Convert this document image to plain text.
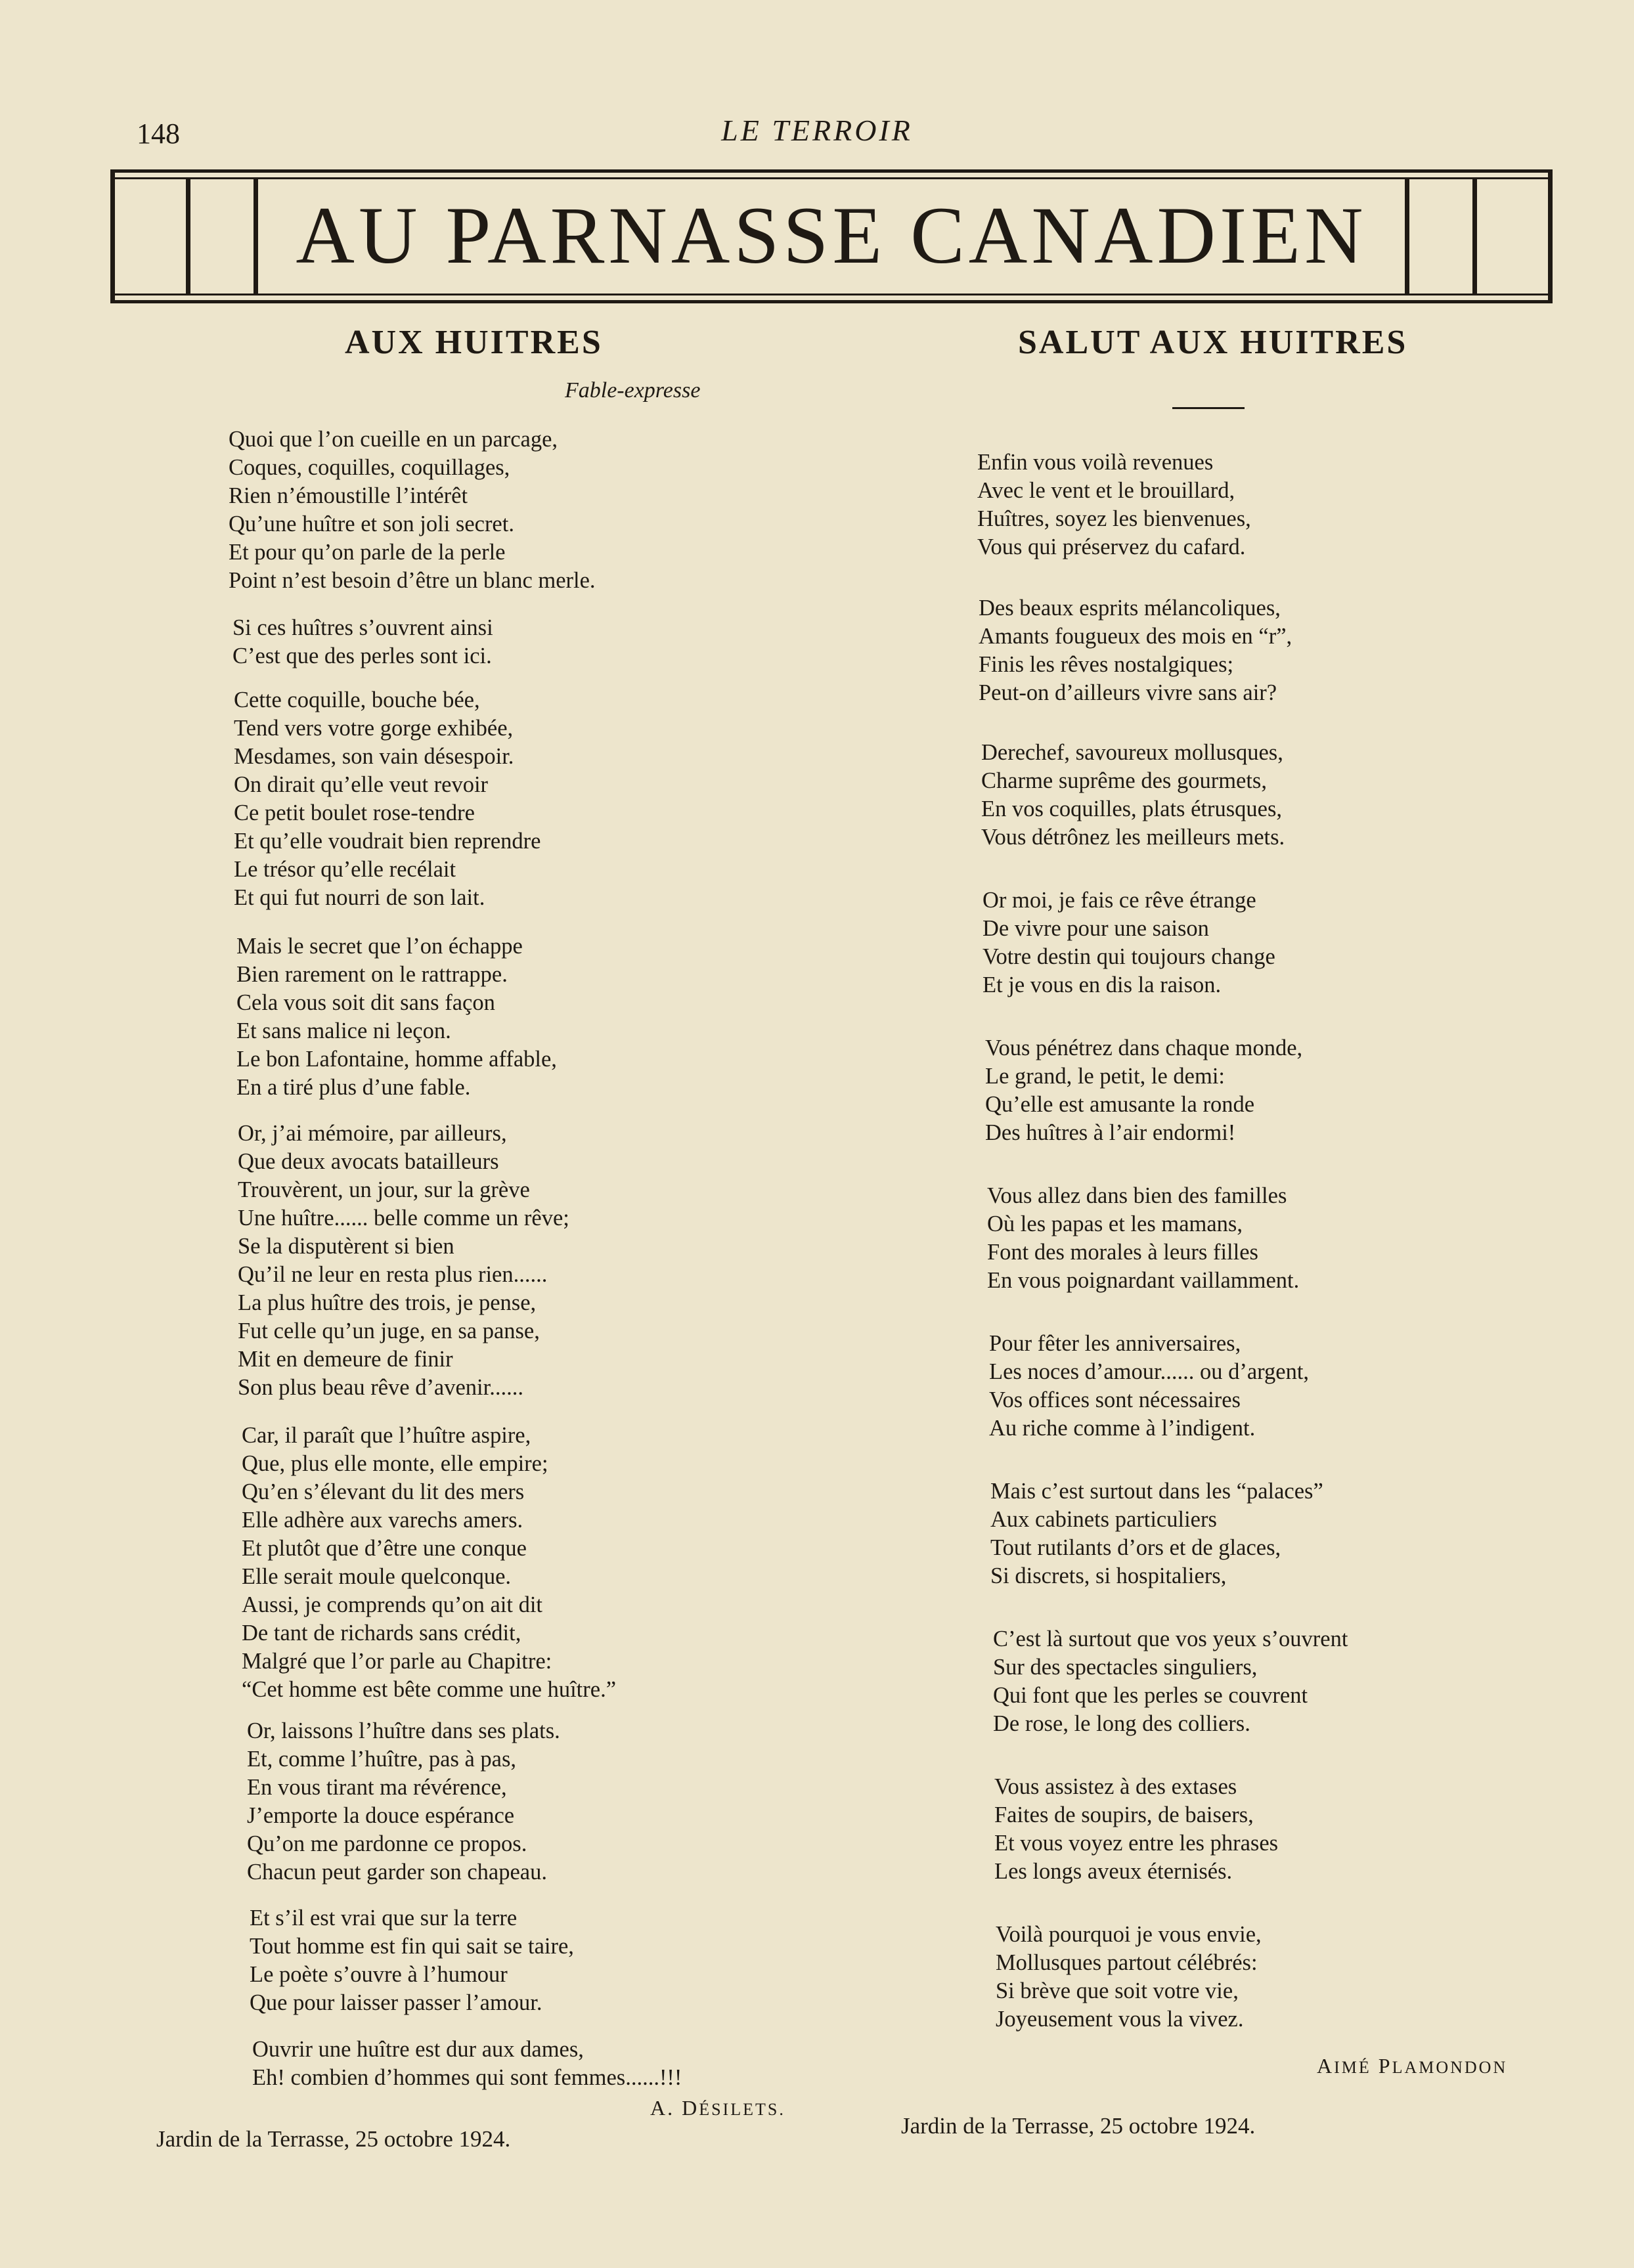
148	LE TERROIR
AU PARNASSE CANADIEN
AUX HUITRES
Fable-expresse
Quoi que l’on cueille en un parcage,
Coques, coquilles, coquillages,
Rien n’émoustille l’intérêt
Qu’une huître et son joli secret.
Et pour qu’on parle de la perle
Point n’est besoin d’être un blanc merle.
Si ces huîtres s’ouvrent ainsi
C’est que des perles sont ici.
Cette coquille, bouche bée,
Tend vers votre gorge exhibée,
Mesdames, son vain désespoir.
On dirait qu’elle veut revoir
Ce petit boulet rose-tendre
Et qu’elle voudrait bien reprendre
Le trésor qu’elle recélait
Et qui fut nourri de son lait.
Mais le secret que l’on échappe
Bien rarement on le rattrappe.
Cela vous soit dit sans façon
Et sans malice ni leçon.
Le bon Lafontaine, homme affable,
En a tiré plus d’une fable.
Or, j’ai mémoire, par ailleurs,
Que deux avocats batailleurs
Trouvèrent, un jour, sur la grève
Une huître...... belle comme un rêve;
Se la disputèrent si bien
Qu’il ne leur en resta plus rien......
La plus huître des trois, je pense,
Fut celle qu’un juge, en sa panse,
Mit en demeure de finir
Son plus beau rêve d’avenir......
Car, il paraît que l’huître aspire,
Que, plus elle monte, elle empire;
Qu’en s’élevant du lit des mers
Elle adhère aux varechs amers.
Et plutôt que d’être une conque
Elle serait moule quelconque.
Aussi, je comprends qu’on ait dit
De tant de richards sans crédit,
Malgré que l’or parle au Chapitre:
“Cet homme est bête comme une huître.”
Or, laissons l’huître dans ses plats.
Et, comme l’huître, pas à pas,
En vous tirant ma révérence,
J’emporte la douce espérance
Qu’on me pardonne ce propos.
Chacun peut garder son chapeau.
Et s’il est vrai que sur la terre
Tout homme est fin qui sait se taire,
Le poète s’ouvre à l’humour
Que pour laisser passer l’amour.
Ouvrir une huître est dur aux dames,
Eh! combien d’hommes qui sont femmes......!!!
A. DÉSILETS.
Jardin de la Terrasse, 25 octobre 1924.
SALUT AUX HUITRES
Enfin vous voilà revenues
Avec le vent et le brouillard,
Huîtres, soyez les bienvenues,
Vous qui préservez du cafard.
Des beaux esprits mélancoliques,
Amants fougueux des mois en “r”,
Finis les rêves nostalgiques;
Peut-on d’ailleurs vivre sans air?
Derechef, savoureux mollusques,
Charme suprême des gourmets,
En vos coquilles, plats étrusques,
Vous détrônez les meilleurs mets.
Or moi, je fais ce rêve étrange
De vivre pour une saison
Votre destin qui toujours change
Et je vous en dis la raison.
Vous pénétrez dans chaque monde,
Le grand, le petit, le demi:
Qu’elle est amusante la ronde
Des huîtres à l’air endormi!
Vous allez dans bien des familles
Où les papas et les mamans,
Font des morales à leurs filles
En vous poignardant vaillamment.
Pour fêter les anniversaires,
Les noces d’amour...... ou d’argent,
Vos offices sont nécessaires
Au riche comme à l’indigent.
Mais c’est surtout dans les “palaces”
Aux cabinets particuliers
Tout rutilants d’ors et de glaces,
Si discrets, si hospitaliers,
C’est là surtout que vos yeux s’ouvrent
Sur des spectacles singuliers,
Qui font que les perles se couvrent
De rose, le long des colliers.
Vous assistez à des extases
Faites de soupirs, de baisers,
Et vous voyez entre les phrases
Les longs aveux éternisés.
Voilà pourquoi je vous envie,
Mollusques partout célébrés:
Si brève que soit votre vie,
Joyeusement vous la vivez.
AIMÉ PLAMONDON
Jardin de la Terrasse, 25 octobre 1924.
